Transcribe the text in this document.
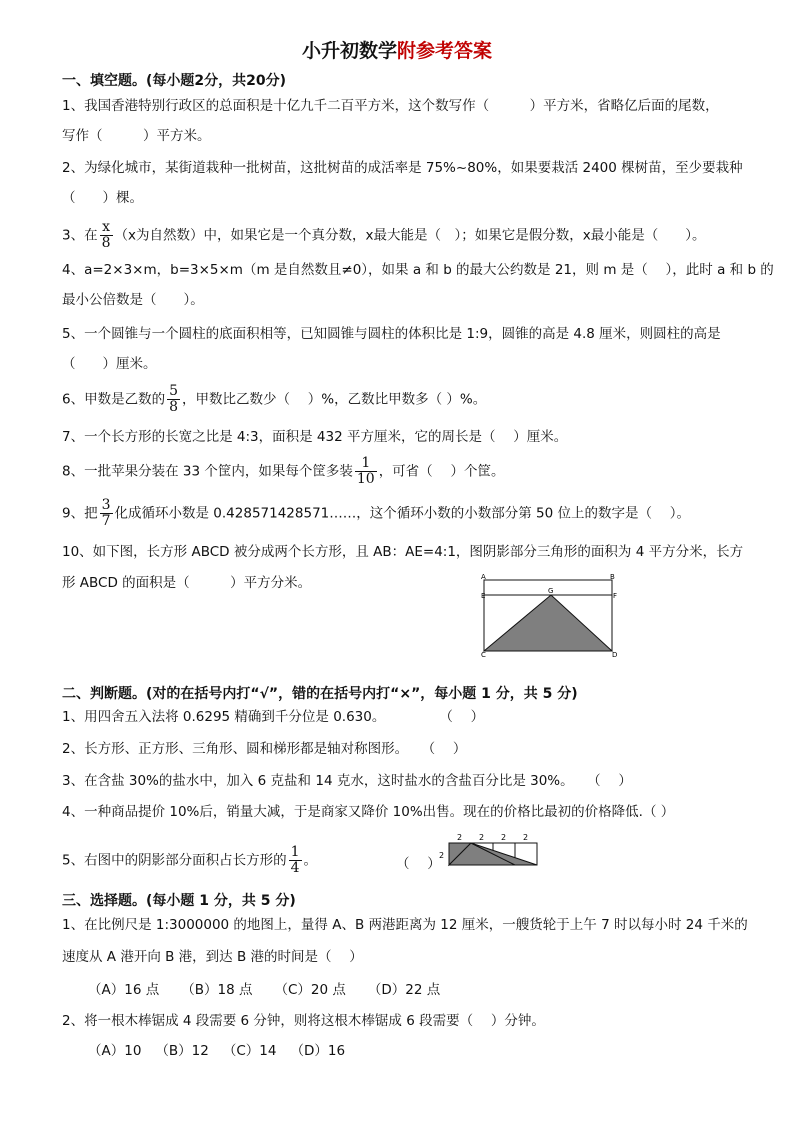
小升初数学附参考答案
一、填空题。(每小题2分，共20分)
1、我国香港特别行政区的总面积是十亿九千二百平方米，这个数写作（　　　）平方米，省略亿后面的尾数，
写作（　　　）平方米。
2、为绿化城市，某街道栽种一批树苗，这批树苗的成活率是 75%~80%，如果要栽活 2400 棵树苗，至少要栽种
（　　）棵。
3、在 $\frac{x}{8} (x$为自然数）中，如果它是一个真分数，x最大能是（　）；如果它是假分数，x最小能是（　　）。
4、a=2×3×m，b=3×5×m（m 是自然数且≠0），如果 a 和 b 的最大公约数是 21，则 m 是（　 ），此时 a 和 b 的
最小公倍数是（　　）。
5、一个圆锥与一个圆柱的底面积相等，已知圆锥与圆柱的体积比是 1:9，圆锥的高是 4.8 厘米，则圆柱的高是
（　　）厘米。
6、甲数是乙数的 $\frac{5}{8}$ ，甲数比乙数少（　 ）%，乙数比甲数多（ ）%。
7、一个长方形的长宽之比是 4:3，面积是 432 平方厘米，它的周长是（　 ）厘米。
8、一批苹果分装在 33 个筐内，如果每个筐多装 $\frac{1}{10}$ ，可省（　 ）个筐。
9、把 $\frac{3}{7}$ 化成循环小数是 0.428571428571……，这个循环小数的小数部分第 50 位上的数字是（　 ）。
10、如下图，长方形 ABCD 被分成两个长方形，且 AB：AE=4:1，图阴影部分三角形的面积为 4 平方分米，长方
形 ABCD 的面积是（　　　）平方分米。	A	B
E
G
F
C	D
二、判断题。(对的在括号内打“√”，错的在括号内打“×”，每小题 1 分，共 5 分)
1、用四舍五入法将 0.6295 精确到千分位是 0.630。　　　　　（　 ）
2、长方形、正方形、三角形、圆和梯形都是轴对称图形。　　（　 ）
3、在含盐 30%的盐水中，加入 6 克盐和 14 克水，这时盐水的含盐百分比是 30%。　　（　 ）
4、一种商品提价 10%后，销量大减，于是商家又降价 10%出售。现在的价格比最初的价格降低.（ ）
5、右图中的阴影部分面积占长方形的 $\frac{1}{4}$ 。	（　 ）
2 2 2 2
2
三、选择题。(每小题 1 分，共 5 分)
1、在比例尺是 1:3000000 的地图上，量得 A、B 两港距离为 12 厘米，一艘货轮于上午 7 时以每小时 24 千米的
速度从 A 港开向 B 港，到达 B 港的时间是（　 ）
（A）16 点 （B）18 点 （C）20 点 （D）22 点
2、将一根木棒锯成 4 段需要 6 分钟，则将这根木棒锯成 6 段需要（　 ）分钟。
（A）10 （B）12 （C）14 （D）16
